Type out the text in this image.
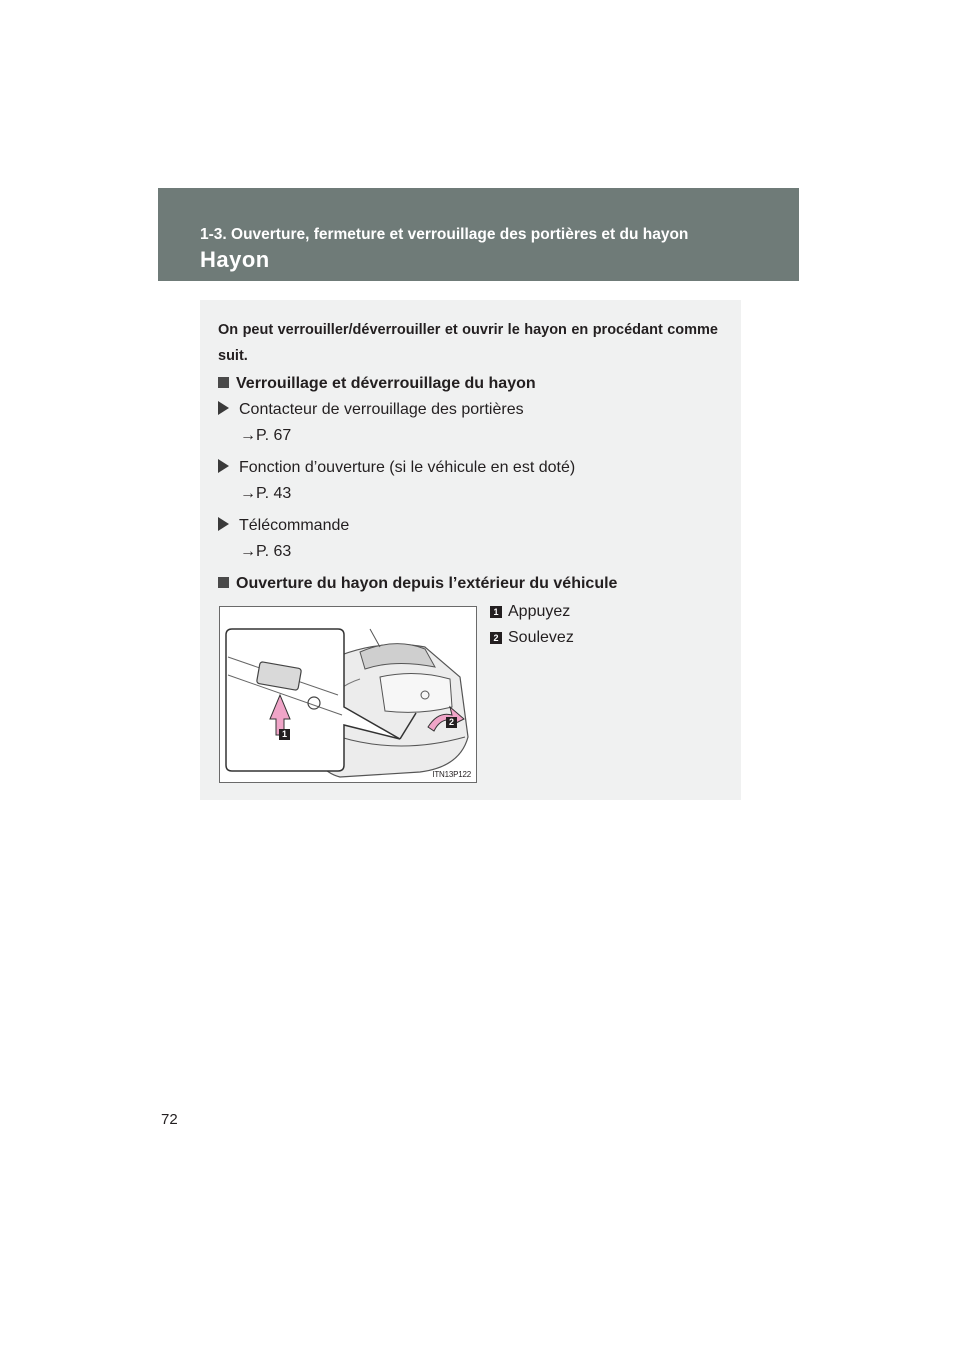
1-3. Ouverture, fermeture et verrouillage des portières et du hayon
Hayon
On peut verrouiller/déverrouiller et ouvrir le hayon en procédant comme suit.
Verrouillage et déverrouillage du hayon
Contacteur de verrouillage des portières
→P. 67
Fonction d’ouverture (si le véhicule en est doté)
→P. 43
Télécommande
→P. 63
Ouverture du hayon depuis l’extérieur du véhicule
1
2
ITN13P122
1 Appuyez
2 Soulevez
72
